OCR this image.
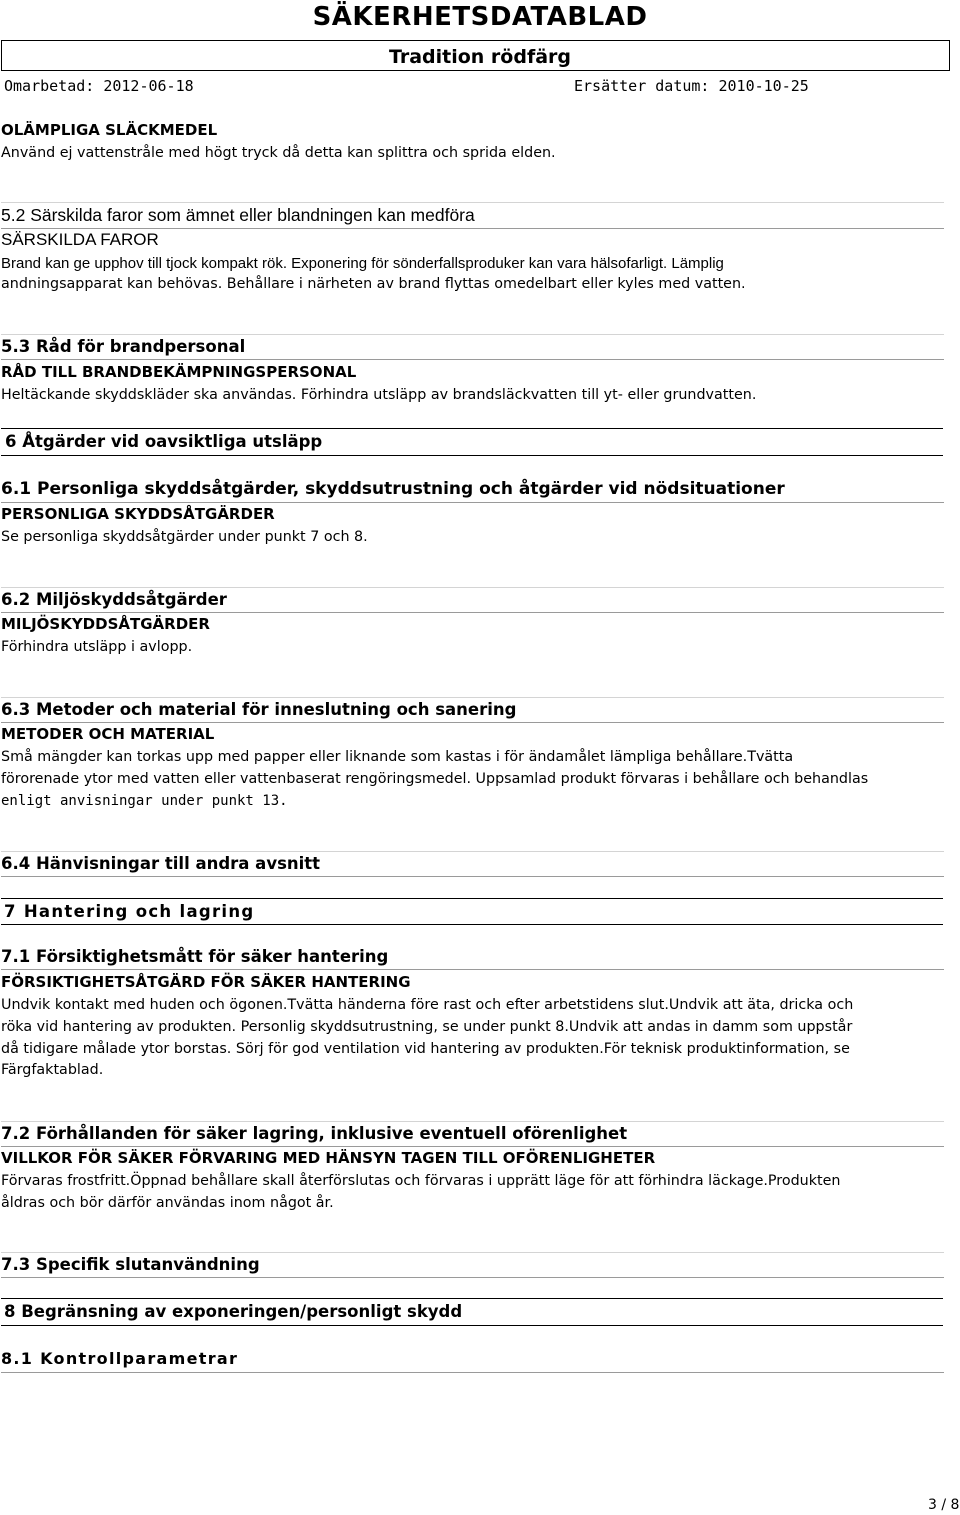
SÄKERHETSDATABLAD
Tradition rödfärg
Omarbetad: 2012-06-18	Ersätter datum: 2010-10-25
OLÄMPLIGA SLÄCKMEDEL
Använd ej vattenstråle med högt tryck då detta kan splittra och sprida elden.
5.2 Särskilda faror som ämnet eller blandningen kan medföra
SÄRSKILDA FAROR
Brand kan ge upphov till tjock kompakt rök. Exponering för sönderfallsproduker kan vara hälsofarligt. Lämplig
andningsapparat kan behövas. Behållare i närheten av brand flyttas omedelbart eller kyles med vatten.
5.3 Råd för brandpersonal
RÅD TILL BRANDBEKÄMPNINGSPERSONAL
Heltäckande skyddskläder ska användas. Förhindra utsläpp av brandsläckvatten till yt- eller grundvatten.
6 Åtgärder vid oavsiktliga utsläpp
6.1 Personliga skyddsåtgärder, skyddsutrustning och åtgärder vid nödsituationer
PERSONLIGA SKYDDSÅTGÄRDER
Se personliga skyddsåtgärder under punkt 7 och 8.
6.2 Miljöskyddsåtgärder
MILJÖSKYDDSÅTGÄRDER
Förhindra utsläpp i avlopp.
6.3 Metoder och material för inneslutning och sanering
METODER OCH MATERIAL
Små mängder kan torkas upp med papper eller liknande som kastas i för ändamålet lämpliga behållare.Tvätta
förorenade ytor med vatten eller vattenbaserat rengöringsmedel. Uppsamlad produkt förvaras i behållare och behandlas
enligt anvisningar under punkt 13.
6.4 Hänvisningar till andra avsnitt
7 Hantering och lagring
7.1 Försiktighetsmått för säker hantering
FÖRSIKTIGHETSÅTGÄRD FÖR SÄKER HANTERING
Undvik kontakt med huden och ögonen.Tvätta händerna före rast och efter arbetstidens slut.Undvik att äta, dricka och
röka vid hantering av produkten. Personlig skyddsutrustning, se under punkt 8.Undvik att andas in damm som uppstår
då tidigare målade ytor borstas. Sörj för god ventilation vid hantering av produkten.För teknisk produktinformation, se
Färgfaktablad.
7.2 Förhållanden för säker lagring, inklusive eventuell oförenlighet
VILLKOR FÖR SÄKER FÖRVARING MED HÄNSYN TAGEN TILL OFÖRENLIGHETER
Förvaras frostfritt.Öppnad behållare skall återförslutas och förvaras i upprätt läge för att förhindra läckage.Produkten
åldras och bör därför användas inom något år.
7.3 Specifik slutanvändning
8 Begränsning av exponeringen/personligt skydd
8.1 Kontrollparametrar
3 / 8
